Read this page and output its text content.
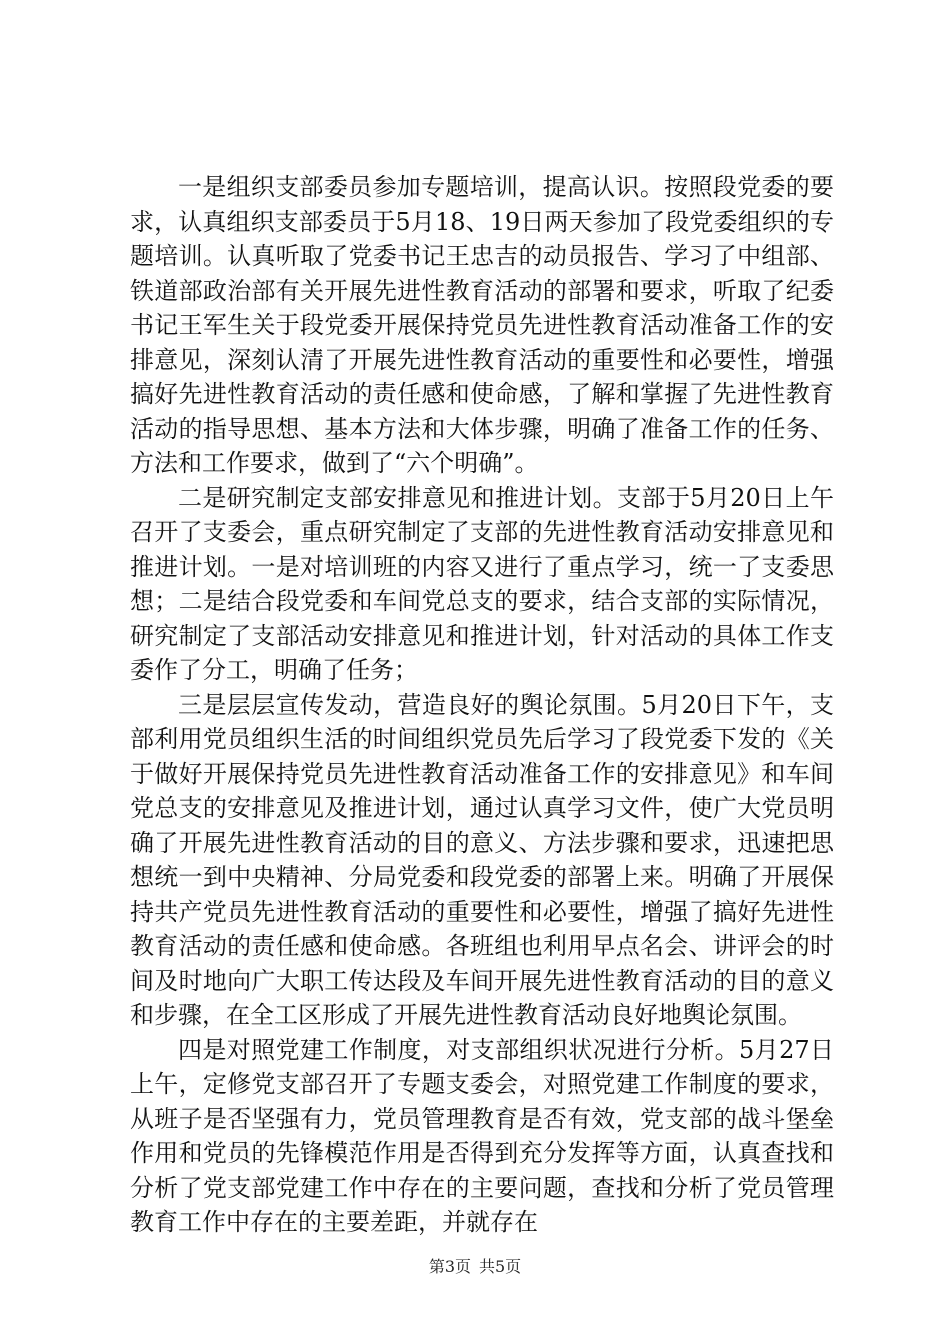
一是组织支部委员参加专题培训，提高认识。按照段党委的要求，认真组织支部委员于5月18、19日两天参加了段党委组织的专题培训。认真听取了党委书记王忠吉的动员报告、学习了中组部、铁道部政治部有关开展先进性教育活动的部署和要求，听取了纪委书记王军生关于段党委开展保持党员先进性教育活动准备工作的安排意见，深刻认清了开展先进性教育活动的重要性和必要性，增强搞好先进性教育活动的责任感和使命感，了解和掌握了先进性教育活动的指导思想、基本方法和大体步骤，明确了准备工作的任务、方法和工作要求，做到了“六个明确”。

二是研究制定支部安排意见和推进计划。支部于5月20日上午召开了支委会，重点研究制定了支部的先进性教育活动安排意见和推进计划。一是对培训班的内容又进行了重点学习，统一了支委思想；二是结合段党委和车间党总支的要求，结合支部的实际情况，研究制定了支部活动安排意见和推进计划，针对活动的具体工作支委作了分工，明确了任务；

三是层层宣传发动，营造良好的舆论氛围。5月20日下午，支部利用党员组织生活的时间组织党员先后学习了段党委下发的《关于做好开展保持党员先进性教育活动准备工作的安排意见》和车间党总支的安排意见及推进计划，通过认真学习文件，使广大党员明确了开展先进性教育活动的目的意义、方法步骤和要求，迅速把思想统一到中央精神、分局党委和段党委的部署上来。明确了开展保持共产党员先进性教育活动的重要性和必要性，增强了搞好先进性教育活动的责任感和使命感。各班组也利用早点名会、讲评会的时间及时地向广大职工传达段及车间开展先进性教育活动的目的意义和步骤，在全工区形成了开展先进性教育活动良好地舆论氛围。

四是对照党建工作制度，对支部组织状况进行分析。5月27日上午，定修党支部召开了专题支委会，对照党建工作制度的要求，从班子是否坚强有力，党员管理教育是否有效，党支部的战斗堡垒作用和党员的先锋模范作用是否得到充分发挥等方面，认真查找和分析了党支部党建工作中存在的主要问题，查找和分析了党员管理教育工作中存在的主要差距，并就存在

第3页 共5页
